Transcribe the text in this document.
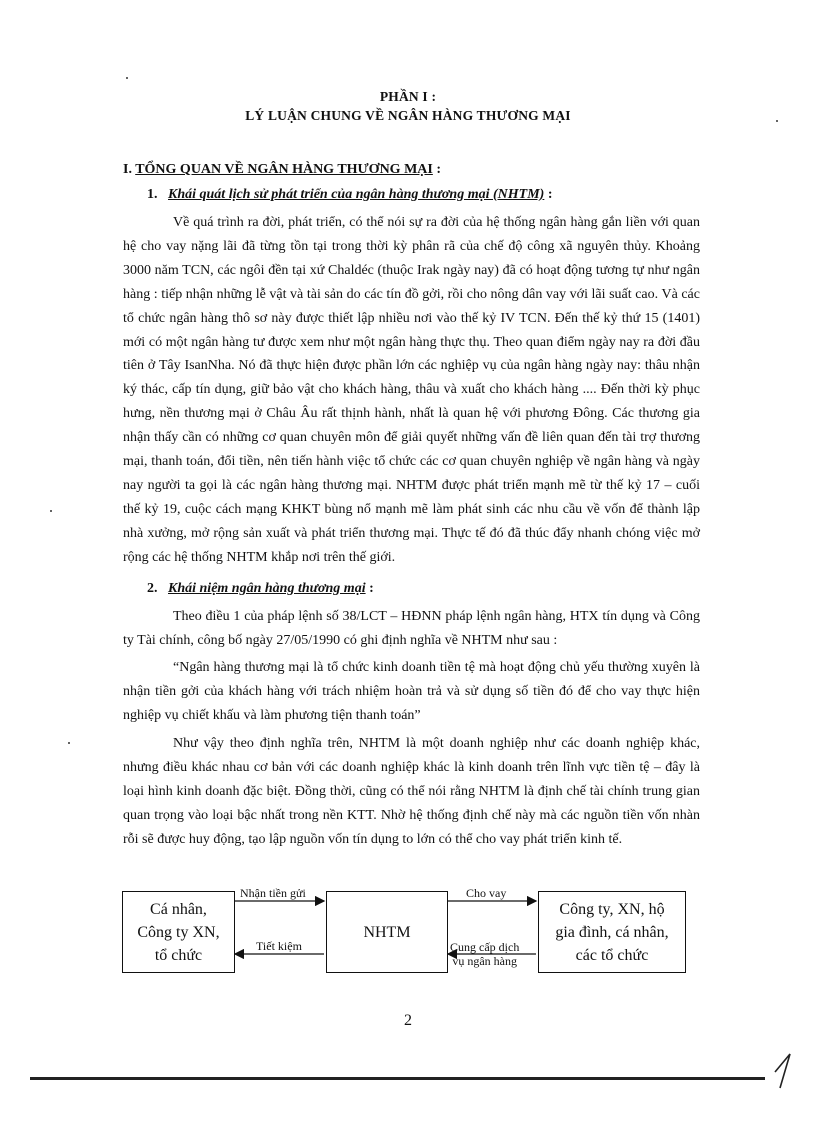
PHẦN I :
LÝ LUẬN CHUNG VỀ NGÂN HÀNG THƯƠNG MẠI
I. TỔNG QUAN VỀ NGÂN HÀNG THƯƠNG MẠI :
1. Khái quát lịch sử phát triển của ngân hàng thương mại (NHTM) :

Về quá trình ra đời, phát triển, có thể nói sự ra đời của hệ thống ngân hàng gắn liền với quan hệ cho vay nặng lãi đã từng tồn tại trong thời kỳ phân rã của chế độ công xã nguyên thủy. Khoảng 3000 năm TCN, các ngôi đền tại xứ Chaldéc (thuộc Irak ngày nay) đã có hoạt động tương tự như ngân hàng : tiếp nhận những lễ vật và tài sản do các tín đồ gởi, rồi cho nông dân vay với lãi suất cao. Và các tổ chức ngân hàng thô sơ này được thiết lập nhiều nơi vào thế kỷ IV TCN. Đến thế kỷ thứ 15 (1401) mới có một ngân hàng tư được xem như một ngân hàng thực thụ. Theo quan điểm ngày nay ra đời đầu tiên ở Tây IsanNha. Nó đã thực hiện được phần lớn các nghiệp vụ của ngân hàng ngày nay: thâu nhận ký thác, cấp tín dụng, giữ bảo vật cho khách hàng, thâu và xuất cho khách hàng .... Đến thời kỳ phục hưng, nền thương mại ở Châu Âu rất thịnh hành, nhất là quan hệ với phương Đông. Các thương gia nhận thấy cần có những cơ quan chuyên môn để giải quyết những vấn đề liên quan đến tài trợ thương mại, thanh toán, đổi tiền, nên tiến hành việc tổ chức các cơ quan chuyên nghiệp về ngân hàng và ngày nay người ta gọi là các ngân hàng thương mại. NHTM được phát triển mạnh mẽ từ thế kỷ 17 – cuối thế kỷ 19, cuộc cách mạng KHKT bùng nổ mạnh mẽ làm phát sinh các nhu cầu về vốn để thành lập nhà xưởng, mở rộng sản xuất và phát triển thương mại. Thực tế đó đã thúc đẩy nhanh chóng việc mở rộng các hệ thống NHTM khắp nơi trên thế giới.

2. Khái niệm ngân hàng thương mại :

Theo điều 1 của pháp lệnh số 38/LCT – HĐNN pháp lệnh ngân hàng, HTX tín dụng và Công ty Tài chính, công bố ngày 27/05/1990 có ghi định nghĩa về NHTM như sau :

“Ngân hàng thương mại là tổ chức kinh doanh tiền tệ mà hoạt động chủ yếu thường xuyên là nhận tiền gởi của khách hàng với trách nhiệm hoàn trả và sử dụng số tiền đó để cho vay thực hiện nghiệp vụ chiết khấu và làm phương tiện thanh toán”

Như vậy theo định nghĩa trên, NHTM là một doanh nghiệp như các doanh nghiệp khác, nhưng điều khác nhau cơ bản với các doanh nghiệp khác là kinh doanh trên lĩnh vực tiền tệ – đây là loại hình kinh doanh đặc biệt. Đồng thời, cũng có thể nói rằng NHTM là định chế tài chính trung gian quan trọng vào loại bậc nhất trong nền KTT. Nhờ hệ thống định chế này mà các nguồn tiền vốn nhàn rỗi sẽ được huy động, tạo lập nguồn vốn tín dụng to lớn có thể cho vay phát triển kinh tế.

Cá nhân,
Công ty XN,
tổ chức
NHTM
Công ty, XN, hộ
gia đình, cá nhân,
các tổ chức
Nhận tiền gửi
Tiết kiệm
Cho vay
Cung cấp dịch
vụ ngân hàng
2
